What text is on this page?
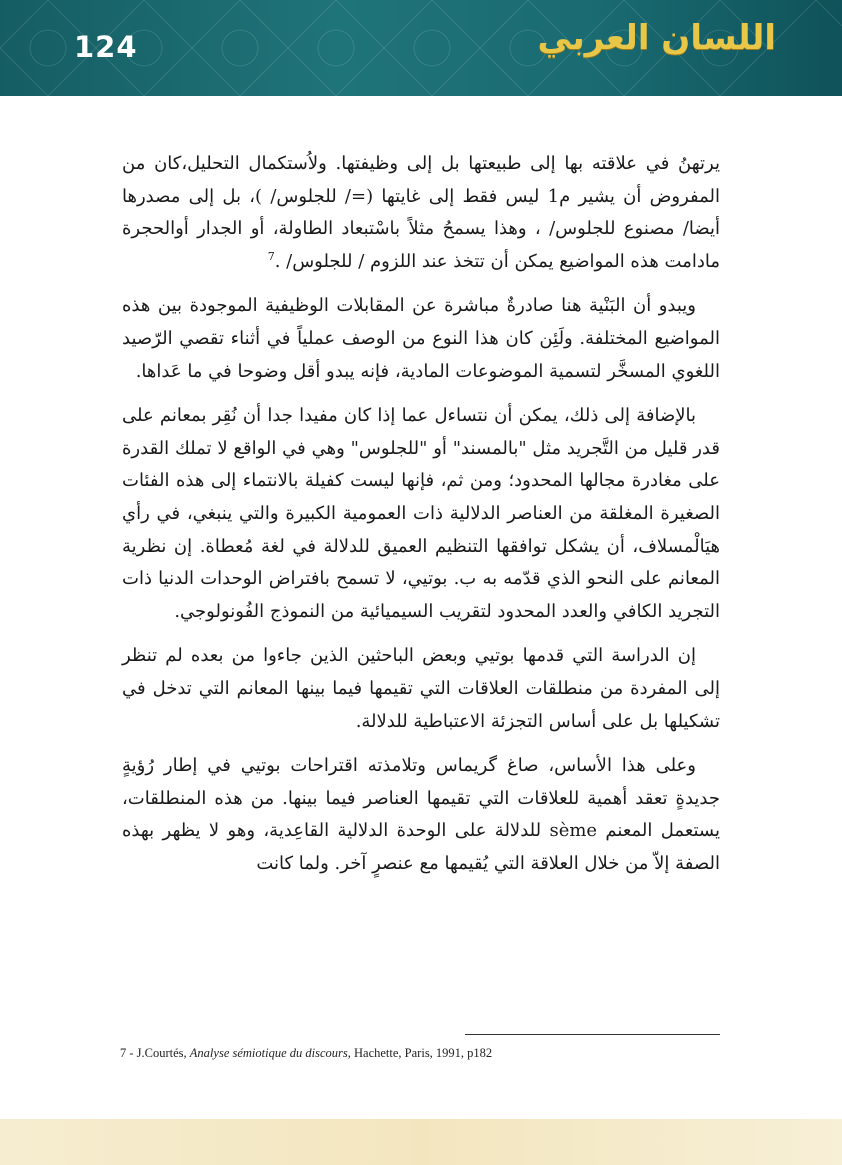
124	اللسان العربي

يرتهنُ في علاقته بها إلى طبيعتها بل إلى وظيفتها. ولاُستكمال التحليل،كان من المفروض أن يشير م1 ليس فقط إلى غايتها (=/ للجلوس/ )، بل إلى مصدرها أيضا/ مصنوع للجلوس/ ، وهذا يسمحُ مثلاً باسْتبعاد الطاولة، أو الجدار أوالحجرة مادامت هذه المواضيع يمكن أن تتخذ عند اللزوم / للجلوس/ .$^7$

ويبدو أن البَنْية هنا صادرةٌ مباشرة عن المقابلات الوظيفية الموجودة بين هذه المواضيع المختلفة. ولَئِن كان هذا النوع من الوصف عملياً في أثناء تقصي الرّصيد اللغوي المسخَّر لتسمية الموضوعات المادية، فإنه يبدو أقل وضوحا في ما عَداها.

بالإضافة إلى ذلك، يمكن أن نتساءل عما إذا كان مفيدا جدا أن نُقِر بمعانم على قدر قليل من التَّجريد مثل "بالمسند" أو "للجلوس" وهي في الواقع لا تملك القدرة على مغادرة مجالها المحدود؛ ومن ثم، فإنها ليست كفيلة بالانتماء إلى هذه الفئات الصغيرة المغلقة من العناصر الدلالية ذات العمومية الكبيرة والتي ينبغي، في رأي هيَالْمسلاف، أن يشكل توافقها التنظيم العميق للدلالة في لغة مُعطاة. إن نظرية المعانم على النحو الذي قدّمه به ب. بوتيي، لا تسمح بافتراض الوحدات الدنيا ذات التجريد الكافي والعدد المحدود لتقريب السيميائية من النموذج الفُونولوجي.

إن الدراسة التي قدمها بوتيي وبعض الباحثين الذين جاءوا من بعده لم تنظر إلى المفردة من منطلقات العلاقات التي تقيمها فيما بينها المعانم التي تدخل في تشكيلها بل على أساس التجزئة الاعتباطية للدلالة.

وعلى هذا الأساس، صاغ گريماس وتلامذته اقتراحات بوتيي في إطار رُؤيةٍ جديدةٍ تعقد أهمية للعلاقات التي تقيمها العناصر فيما بينها. من هذه المنطلقات، يستعمل المعنم sème للدلالة على الوحدة الدلالية القاعِدية، وهو لا يظهر بهذه الصفة إلاّ من خلال العلاقة التي يُقيمها مع عنصرٍ آخر. ولما كانت

7 - J.Courtés, Analyse sémiotique du discours, Hachette, Paris, 1991, p182
